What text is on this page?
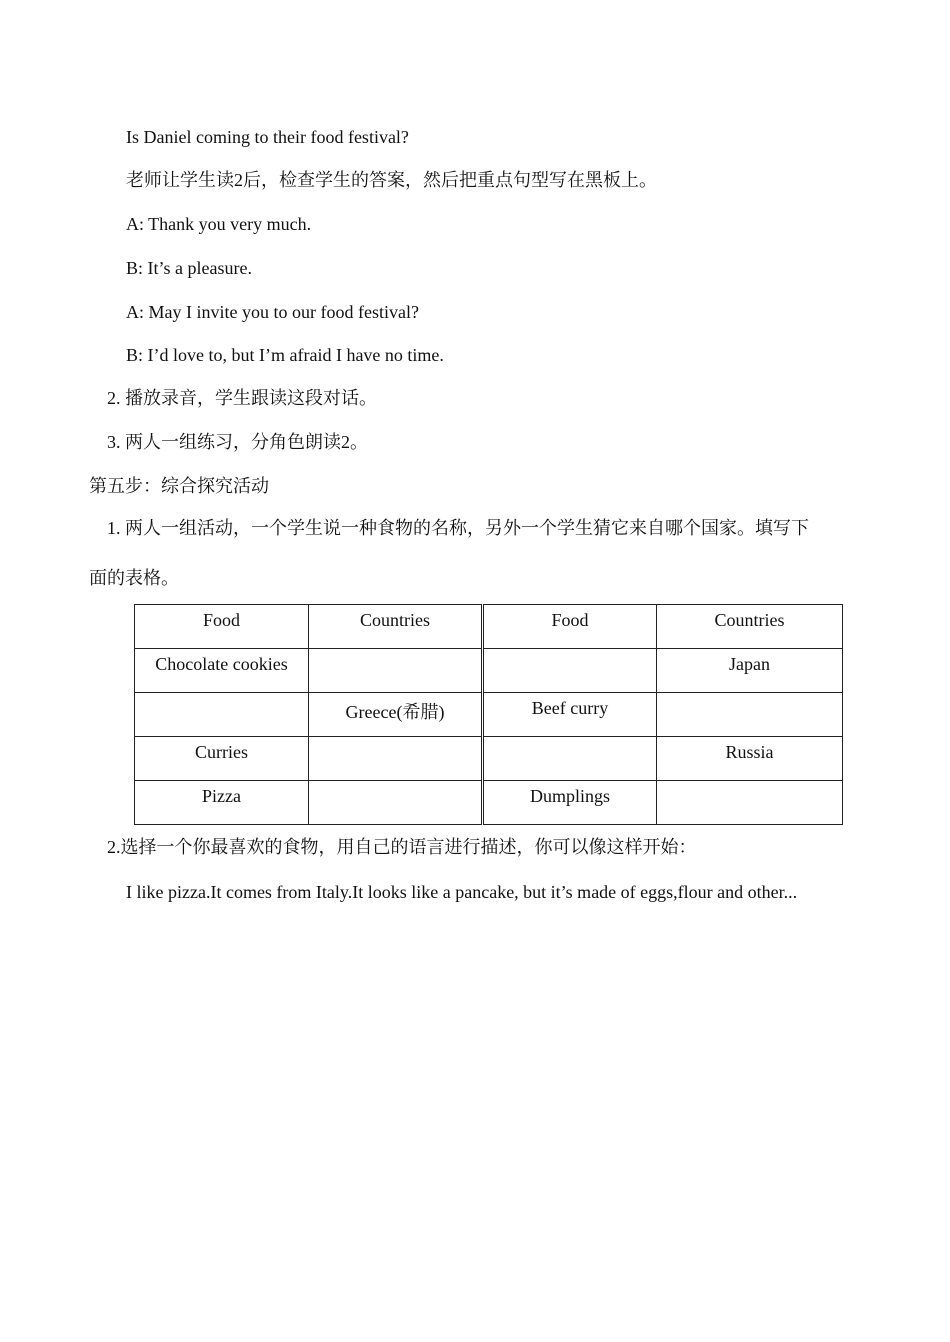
Is Daniel coming to their food festival?
老师让学生读2后，检查学生的答案，然后把重点句型写在黑板上。
A: Thank you very much.
B: It’s a pleasure.
A: May I invite you to our food festival?
B: I’d love to, but I’m afraid I have no time.
2. 播放录音，学生跟读这段对话。
3. 两人一组练习，分角色朗读2。
第五步：综合探究活动
1. 两人一组活动，一个学生说一种食物的名称，另外一个学生猜它来自哪个国家。填写下
面的表格。
Food	Countries	Food	Countries
Chocolate cookies			Japan
	Greece(希腊)	Beef curry	
Curries			Russia
Pizza		Dumplings	
2.选择一个你最喜欢的食物，用自己的语言进行描述，你可以像这样开始：
I like pizza.It comes from Italy.It looks like a pancake, but it’s made of eggs,flour and other...
